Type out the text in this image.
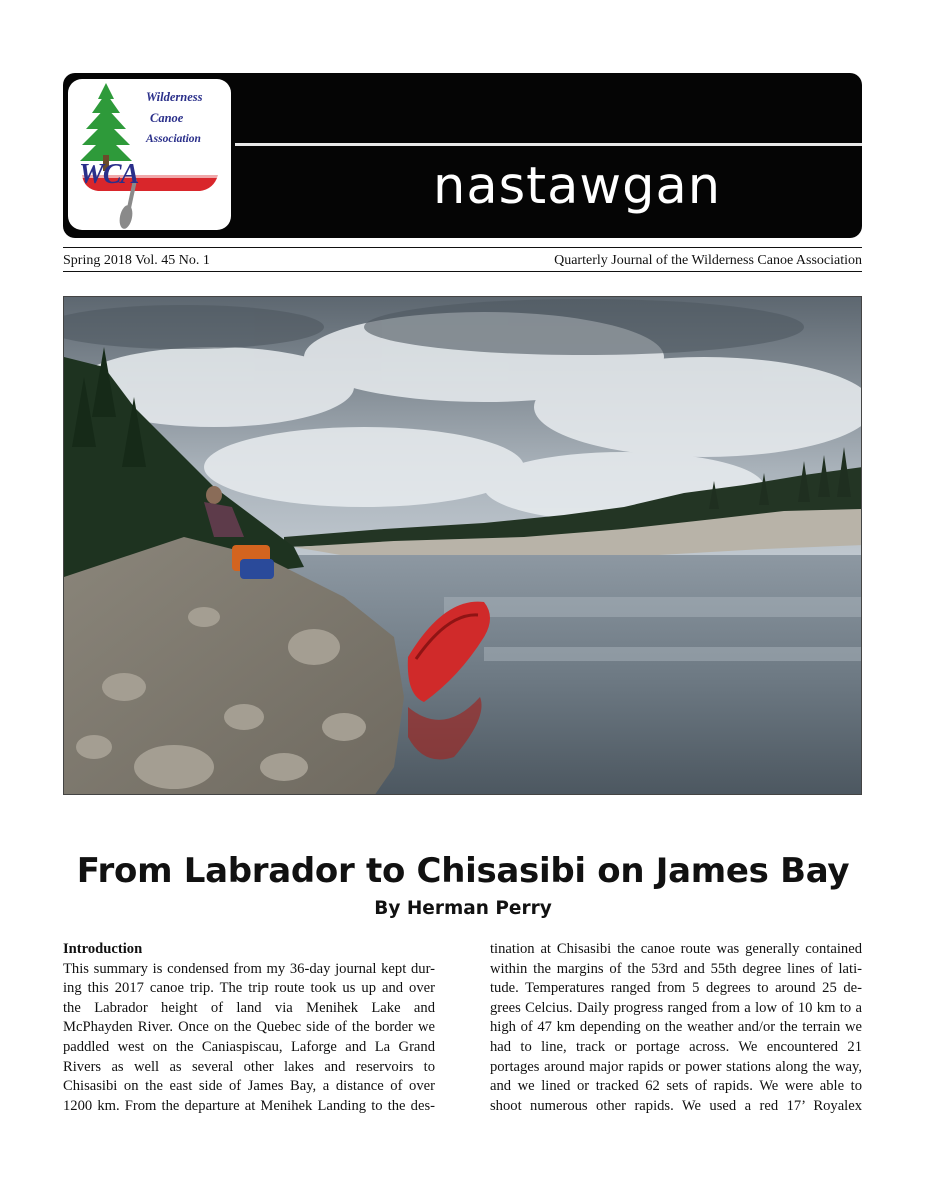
WCA
Wilderness
Canoe
Association
nastawgan
Spring 2018 Vol. 45 No. 1	Quarterly Journal of the Wilderness Canoe Association
From Labrador to Chisasibi on James Bay
By Herman Perry

Introduction

This summary is condensed from my 36-day journal kept dur-
ing this 2017 canoe trip. The trip route took us up and over
the Labrador height of land via Menihek Lake and
McPhayden River. Once on the Quebec side of the border we
paddled west on the Caniaspiscau, Laforge and La Grand
Rivers as well as several other lakes and reservoirs to
Chisasibi on the east side of James Bay, a distance of over
1200 km. From the departure at Menihek Landing to the des-
tination at Chisasibi the canoe route was generally contained
within the margins of the 53rd and 55th degree lines of lati-
tude. Temperatures ranged from 5 degrees to around 25 de-
grees Celcius. Daily progress ranged from a low of 10 km to a
high of 47 km depending on the weather and/or the terrain we
had to line, track or portage across. We encountered 21
portages around major rapids or power stations along the way,
and we lined or tracked 62 sets of rapids. We were able to
shoot numerous other rapids. We used a red 17’ Royalex
